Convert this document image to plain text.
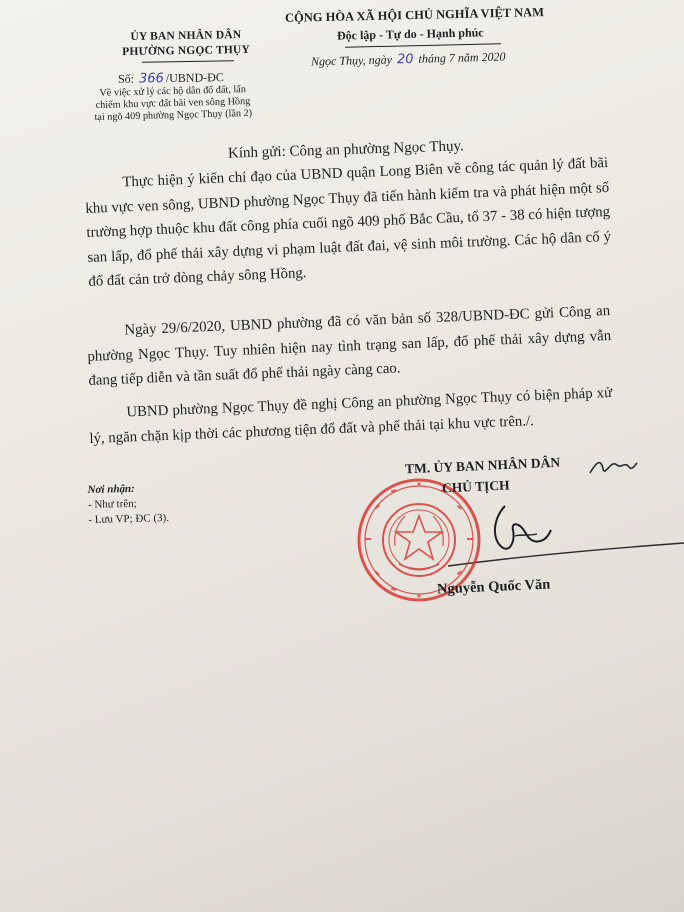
ỦY BAN NHÂN DÂN
PHƯỜNG NGỌC THỤY
Số: 366 /UBND-ĐC
Về việc xử lý các hộ dân đổ đất, lấn chiếm khu vực đất bãi ven sông Hồng tại ngõ 409 phường Ngọc Thụy (lần 2)
CỘNG HÒA XÃ HỘI CHỦ NGHĨA VIỆT NAM
Độc lập - Tự do - Hạnh phúc
Ngọc Thụy, ngày 20 tháng 7 năm 2020
Kính gửi: Công an phường Ngọc Thụy.

Thực hiện ý kiến chỉ đạo của UBND quận Long Biên về công tác quản lý đất bãi khu vực ven sông, UBND phường Ngọc Thụy đã tiến hành kiểm tra và phát hiện một số trường hợp thuộc khu đất công phía cuối ngõ 409 phố Bắc Cầu, tổ 37 - 38 có hiện tượng san lấp, đổ phế thải xây dựng vi phạm luật đất đai, vệ sinh môi trường. Các hộ dân cố ý đổ đất cản trở dòng chảy sông Hồng.

Ngày 29/6/2020, UBND phường đã có văn bản số 328/UBND-ĐC gửi Công an phường Ngọc Thụy. Tuy nhiên hiện nay tình trạng san lấp, đổ phế thải xây dựng vẫn đang tiếp diễn và tần suất đổ phế thải ngày càng cao.

UBND phường Ngọc Thụy đề nghị Công an phường Ngọc Thụy có biện pháp xử lý, ngăn chặn kịp thời các phương tiện đổ đất và phế thải tại khu vực trên./.

Nơi nhận:
- Như trên;
- Lưu VP; ĐC (3).
TM. ỦY BAN NHÂN DÂN
CHỦ TỊCH
Nguyễn Quốc Văn
